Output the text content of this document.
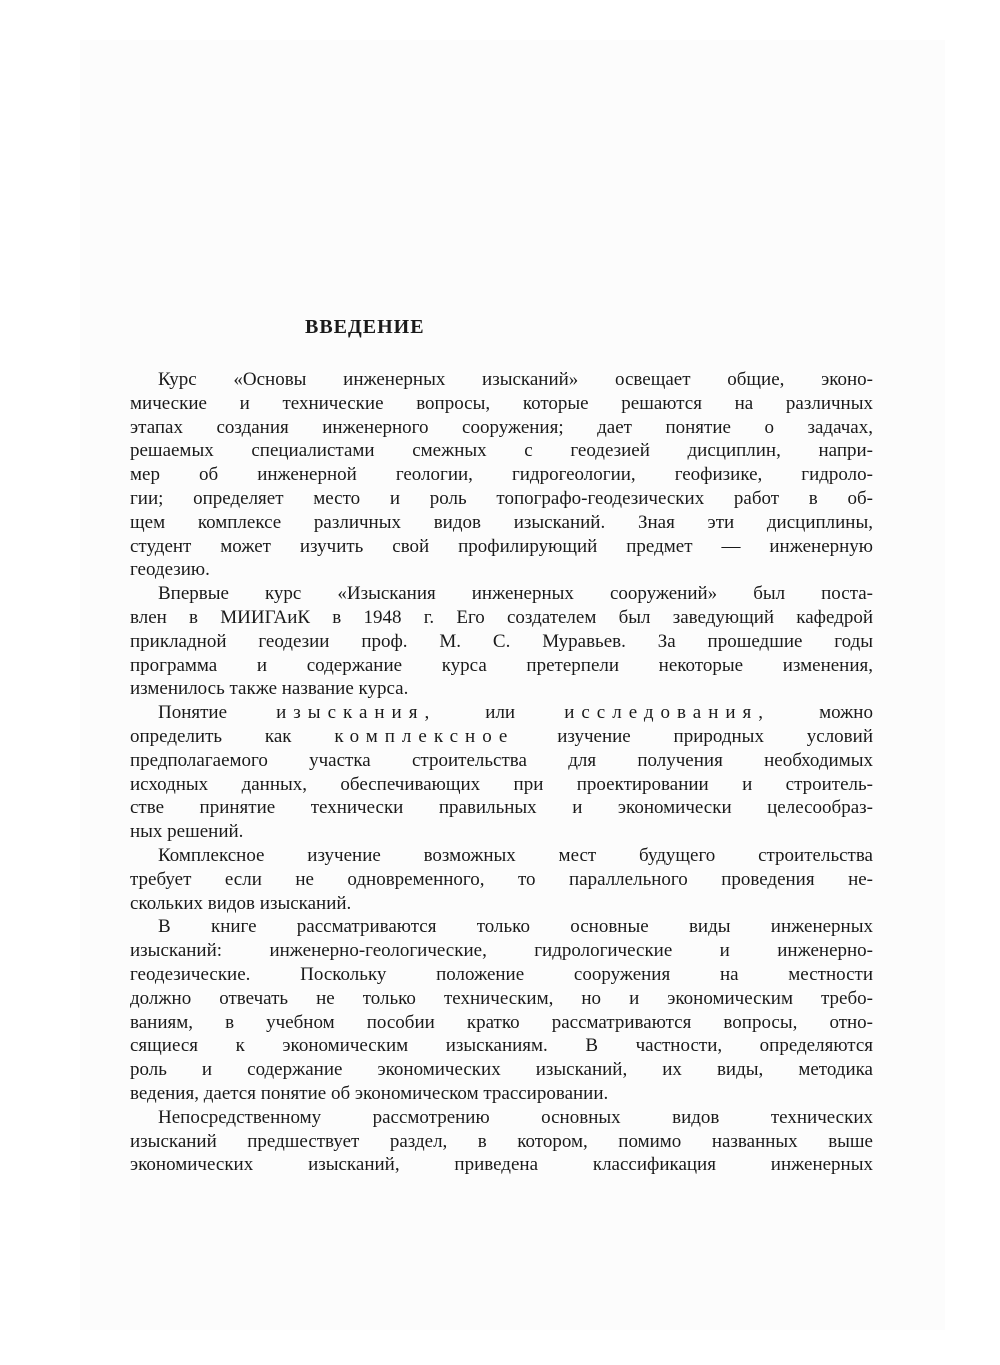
ВВЕДЕНИЕ
Курс «Основы инженерных изысканий» освещает общие, эконо-
мические и технические вопросы, которые решаются на различных
этапах создания инженерного сооружения; дает понятие о задачах,
решаемых специалистами смежных с геодезией дисциплин, напри-
мер об инженерной геологии, гидрогеологии, геофизике, гидроло-
гии; определяет место и роль топографо-геодезических работ в об-
щем комплексе различных видов изысканий. Зная эти дисциплины,
студент может изучить свой профилирующий предмет — инженерную
геодезию.
Впервые курс «Изыскания инженерных сооружений» был поста-
влен в МИИГАиК в 1948 г. Его создателем был заведующий кафедрой
прикладной геодезии проф. М. С. Муравьев. За прошедшие годы
программа и содержание курса претерпели некоторые изменения,
изменилось также название курса.
Понятие изыскания, или исследования, можно
определить как комплексное изучение природных условий
предполагаемого участка строительства для получения необходимых
исходных данных, обеспечивающих при проектировании и строитель-
стве принятие технически правильных и экономически целесообраз-
ных решений.
Комплексное изучение возможных мест будущего строительства
требует если не одновременного, то параллельного проведения не-
скольких видов изысканий.
В книге рассматриваются только основные виды инженерных
изысканий: инженерно-геологические, гидрологические и инженерно-
геодезические. Поскольку положение сооружения на местности
должно отвечать не только техническим, но и экономическим требо-
ваниям, в учебном пособии кратко рассматриваются вопросы, отно-
сящиеся к экономическим изысканиям. В частности, определяются
роль и содержание экономических изысканий, их виды, методика
ведения, дается понятие об экономическом трассировании.
Непосредственному рассмотрению основных видов технических
изысканий предшествует раздел, в котором, помимо названных выше
экономических изысканий, приведена классификация инженерных
